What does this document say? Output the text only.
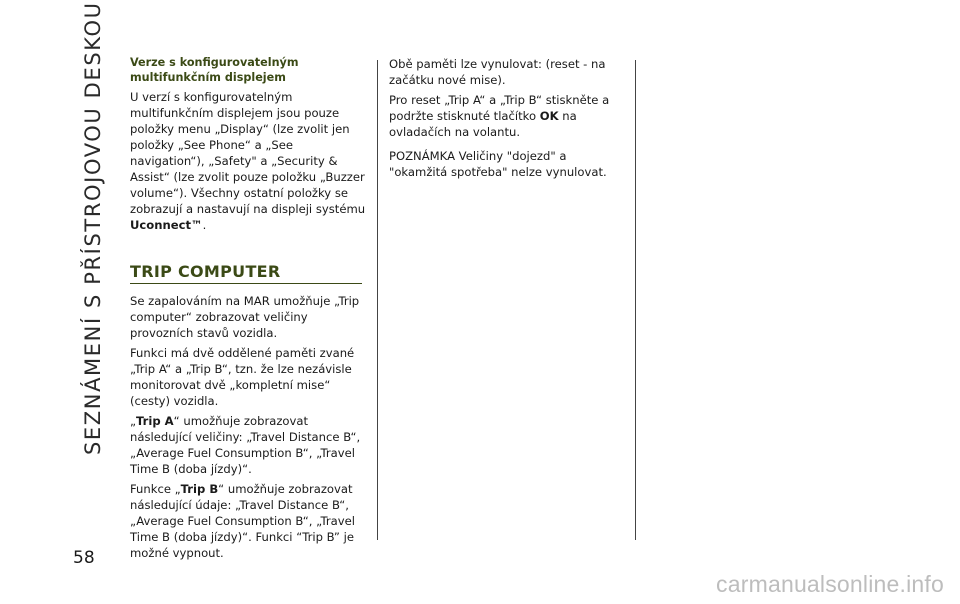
SEZNÁMENÍ S PŘÍSTROJOVOU DESKOU
58
Verze s konfigurovatelným multifunkčním displejem

U verzí s konfigurovatelným multifunkčním displejem jsou pouze položky menu „Display“ (lze zvolit jen položky „See Phone“ a „See navigation“), „Safety" a „Security & Assist“ (lze zvolit pouze položku „Buzzer volume“). Všechny ostatní položky se zobrazují a nastavují na displeji systému Uconnect™.

TRIP COMPUTER

Se zapalováním na MAR umožňuje „Trip computer“ zobrazovat veličiny provozních stavů vozidla.

Funkci má dvě oddělené paměti zvané „Trip A“ a „Trip B“, tzn. že lze nezávisle monitorovat dvě „kompletní mise“ (cesty) vozidla.

„Trip A“ umožňuje zobrazovat následující veličiny: „Travel Distance B“, „Average Fuel Consumption B“, „Travel Time B (doba jízdy)“.

Funkce „Trip B“ umožňuje zobrazovat následující údaje: „Travel Distance B“, „Average Fuel Consumption B“, „Travel Time B (doba jízdy)“. Funkci “Trip B” je možné vypnout.

Obě paměti lze vynulovat: (reset - na začátku nové mise).

Pro reset „Trip A“ a „Trip B“ stiskněte a podržte stisknuté tlačítko OK na ovladačích na volantu.

POZNÁMKA Veličiny "dojezd" a "okamžitá spotřeba" nelze vynulovat.

carmanualsonline.info
